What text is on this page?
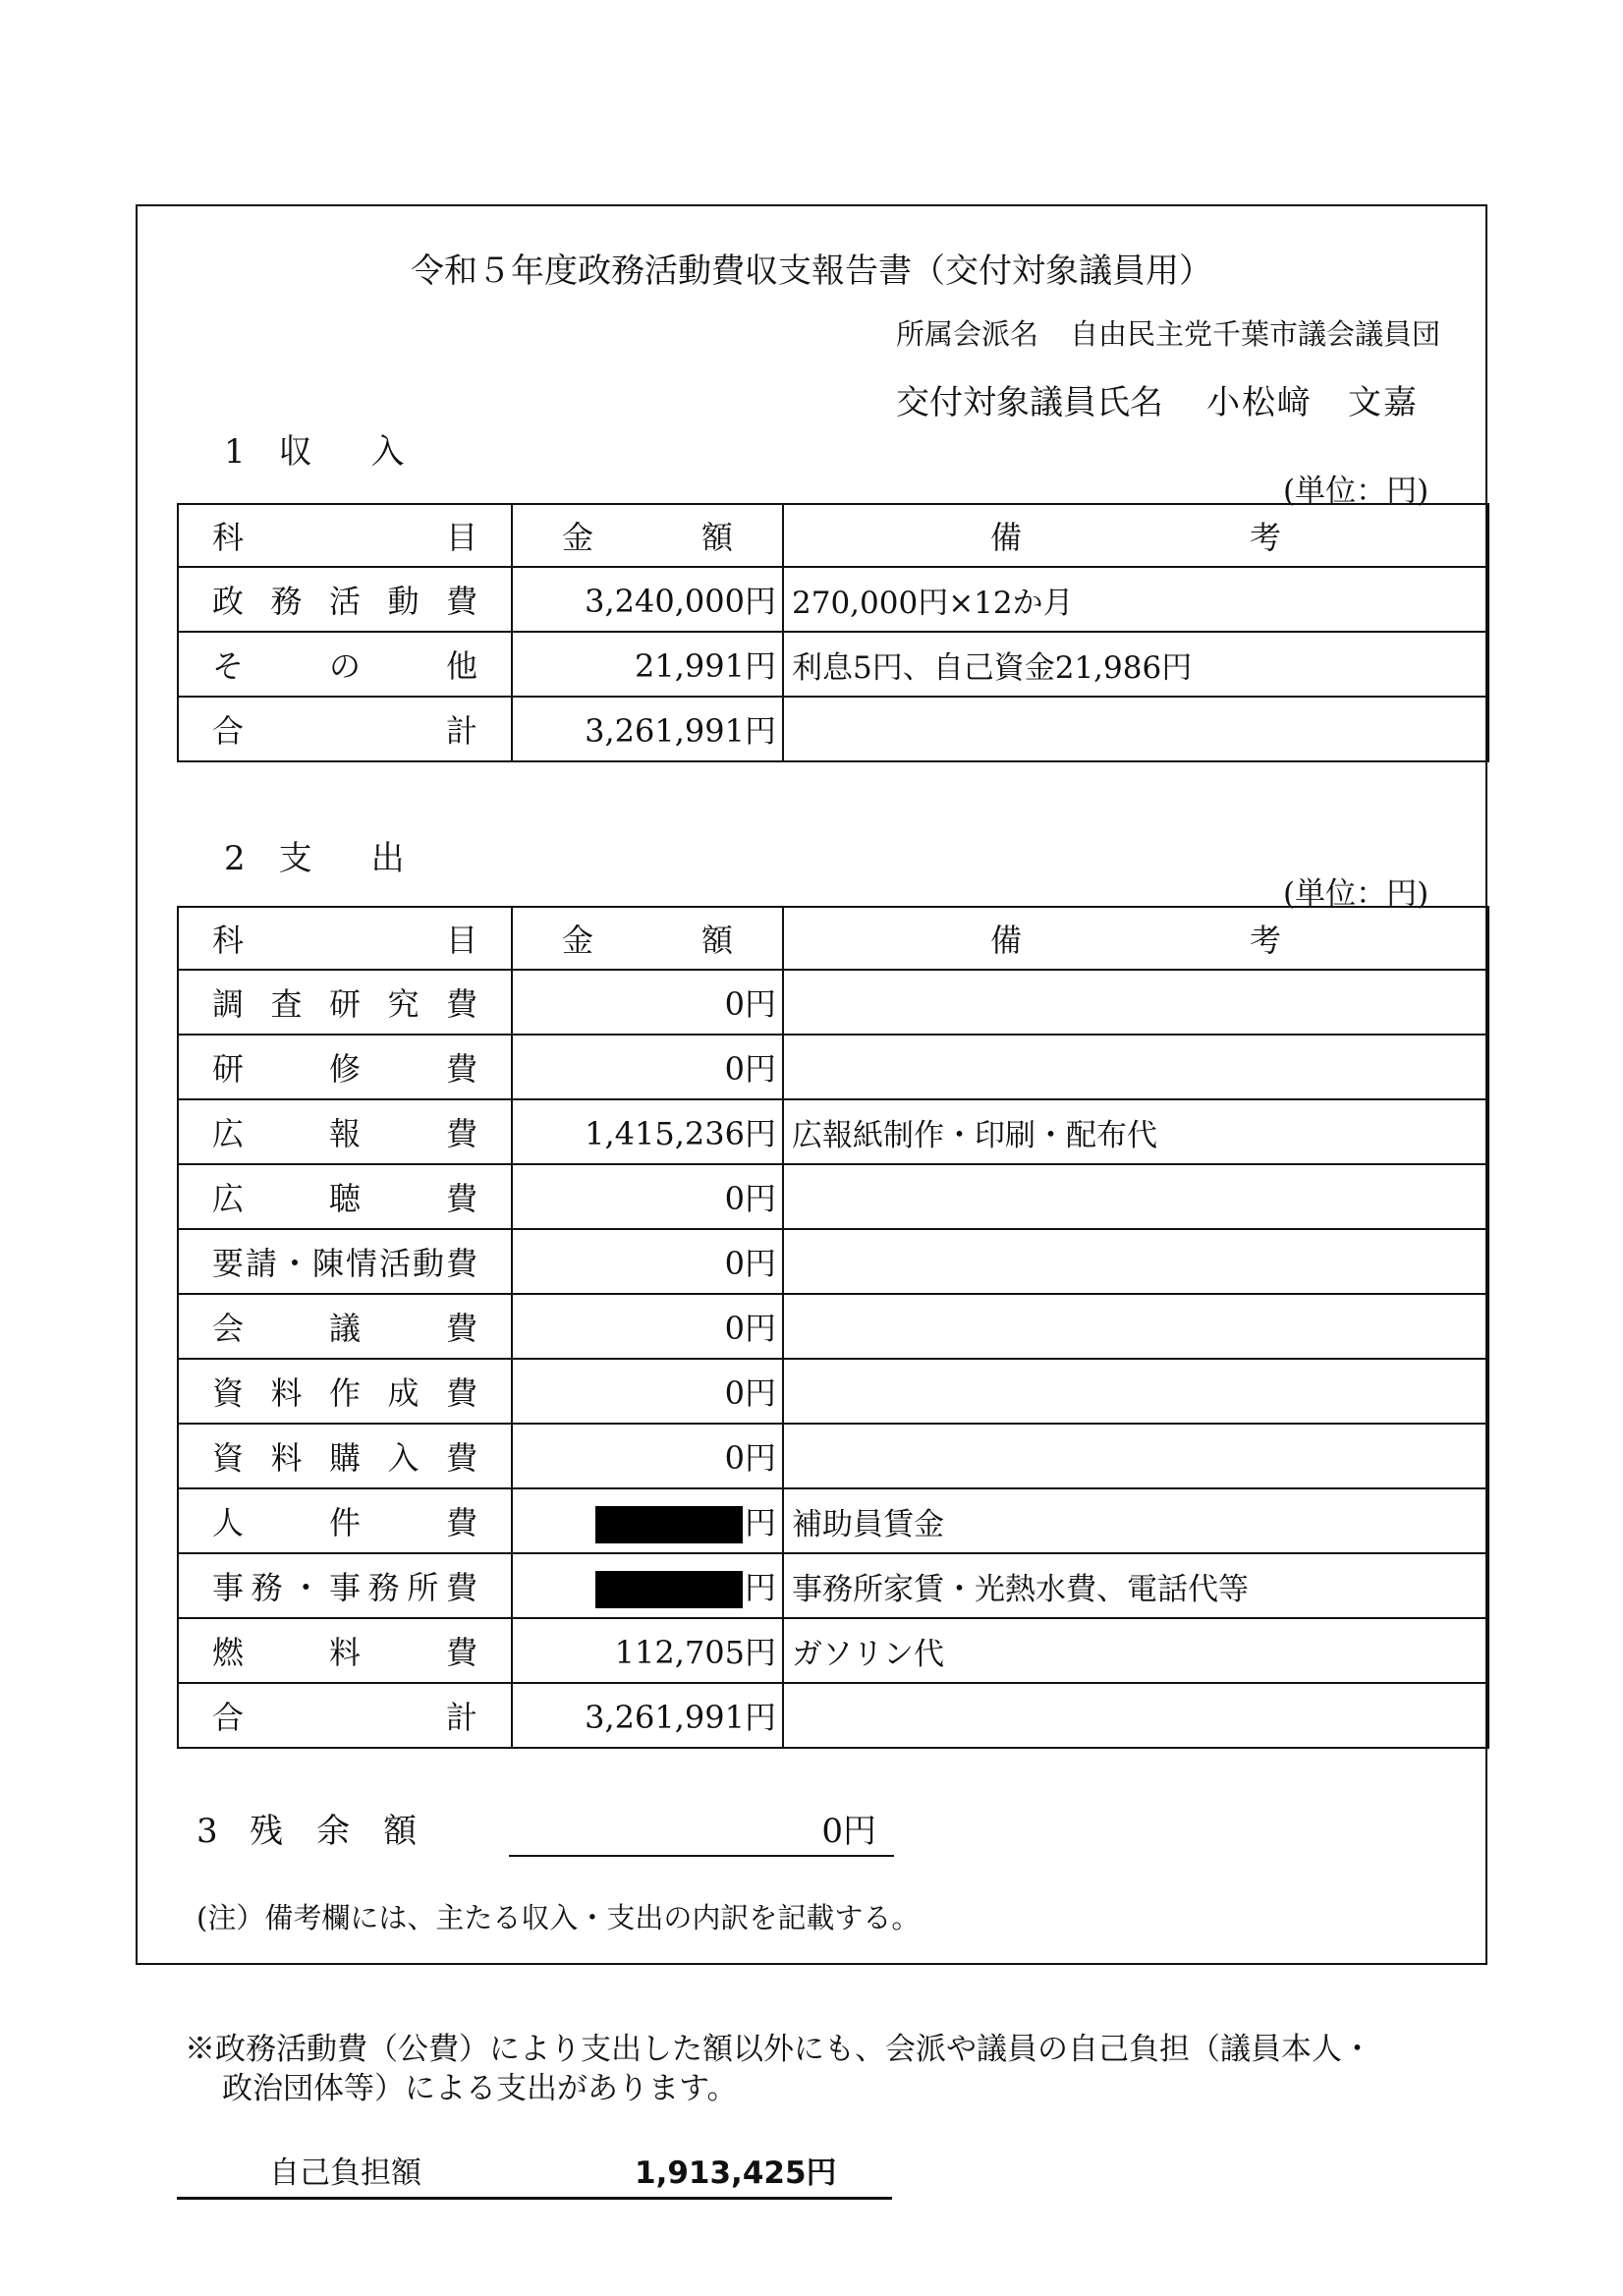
令和５年度政務活動費収支報告書（交付対象議員用）
所属会派名 自由民主党千葉市議会議員団
交付対象議員氏名 小松﨑　文嘉
1 収入
(単位：円)
科目	金 額	備 考

政務活動費	3,240,000円	270,000円×12か月
その他	21,991円	利息5円、自己資金21,986円
合計	3,261,991円	
2 支出
(単位：円)
科目	金 額	備 考

調査研究費	0円	
研修費	0円	
広報費	1,415,236円	広報紙制作・印刷・配布代
広聴費	0円	
要請・陳情活動費	0円	
会議費	0円	
資料作成費	0円	
資料購入費	0円	
人件費	円	補助員賃金
事務・事務所費	円	事務所家賃・光熱水費、電話代等
燃料費	112,705円	ガソリン代
合計	3,261,991円	
3 残余額	0円
(注）備考欄には、主たる収入・支出の内訳を記載する。
※政務活動費（公費）により支出した額以外にも、会派や議員の自己負担（議員本人・
政治団体等）による支出があります。
自己負担額	1,913,425円
